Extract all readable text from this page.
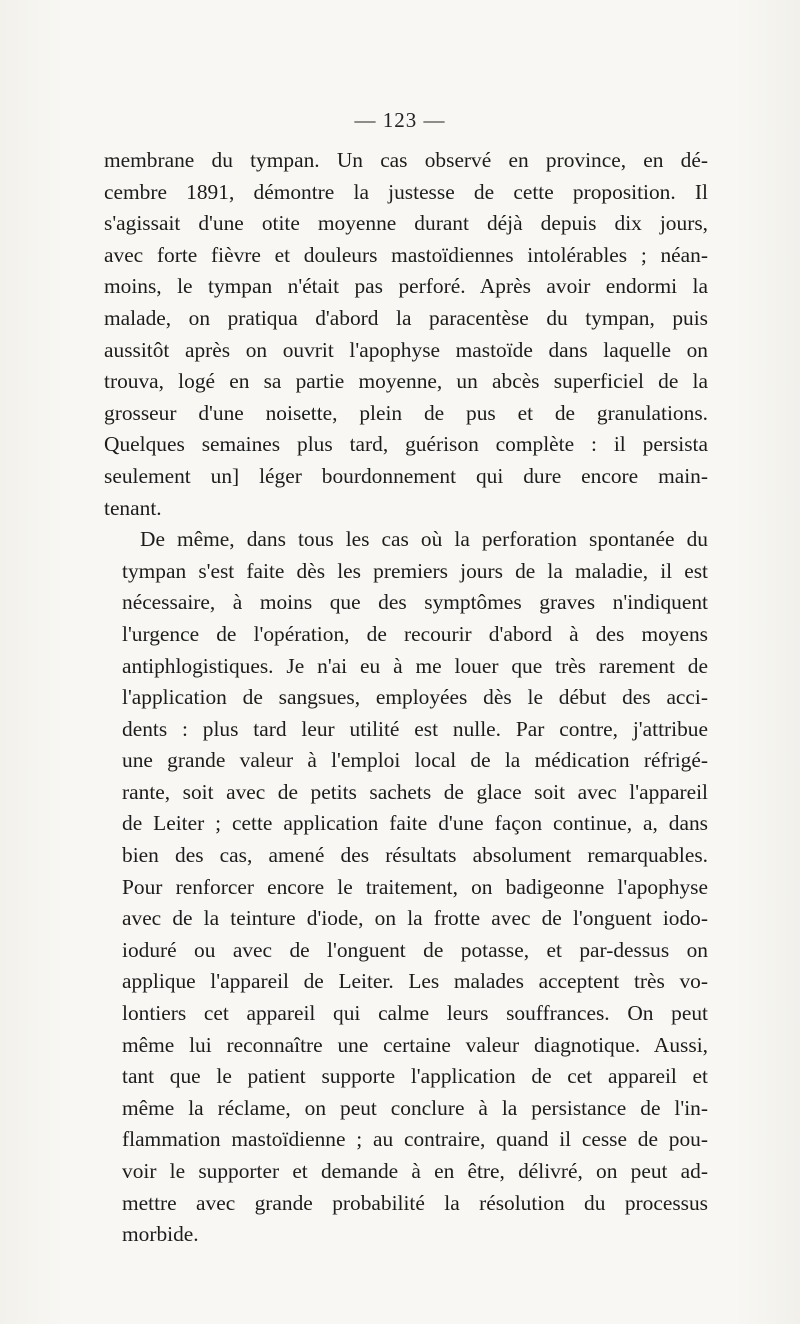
— 123 —
membrane du tympan. Un cas observé en province, en dé-
cembre 1891, démontre la justesse de cette proposition. Il
s'agissait d'une otite moyenne durant déjà depuis dix jours,
avec forte fièvre et douleurs mastoïdiennes intolérables ; néan-
moins, le tympan n'était pas perforé. Après avoir endormi la
malade, on pratiqua d'abord la paracentèse du tympan, puis
aussitôt après on ouvrit l'apophyse mastoïde dans laquelle on
trouva, logé en sa partie moyenne, un abcès superficiel de la
grosseur d'une noisette, plein de pus et de granulations.
Quelques semaines plus tard, guérison complète : il persista
seulement un] léger bourdonnement qui dure encore main-
tenant.
De même, dans tous les cas où la perforation spontanée du
tympan s'est faite dès les premiers jours de la maladie, il est
nécessaire, à moins que des symptômes graves n'indiquent
l'urgence de l'opération, de recourir d'abord à des moyens
antiphlogistiques. Je n'ai eu à me louer que très rarement de
l'application de sangsues, employées dès le début des acci-
dents : plus tard leur utilité est nulle. Par contre, j'attribue
une grande valeur à l'emploi local de la médication réfrigé-
rante, soit avec de petits sachets de glace soit avec l'appareil
de Leiter ; cette application faite d'une façon continue, a, dans
bien des cas, amené des résultats absolument remarquables.
Pour renforcer encore le traitement, on badigeonne l'apophyse
avec de la teinture d'iode, on la frotte avec de l'onguent iodo-
ioduré ou avec de l'onguent de potasse, et par-dessus on
applique l'appareil de Leiter. Les malades acceptent très vo-
lontiers cet appareil qui calme leurs souffrances. On peut
même lui reconnaître une certaine valeur diagnotique. Aussi,
tant que le patient supporte l'application de cet appareil et
même la réclame, on peut conclure à la persistance de l'in-
flammation mastoïdienne ; au contraire, quand il cesse de pou-
voir le supporter et demande à en être, délivré, on peut ad-
mettre avec grande probabilité la résolution du processus
morbide.
